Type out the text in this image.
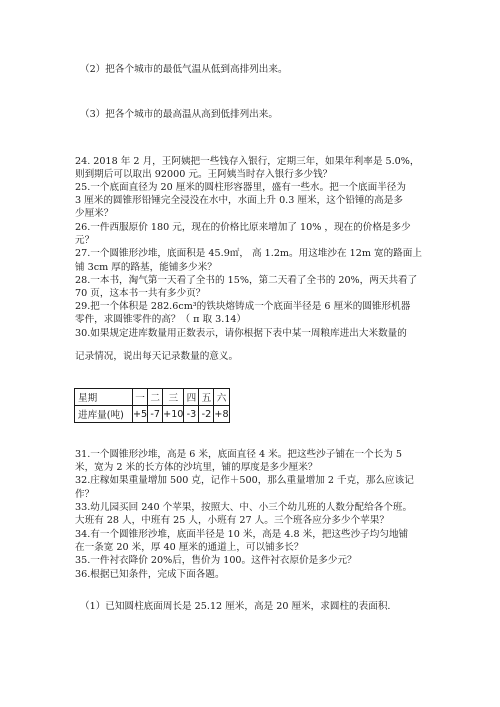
（2）把各个城市的最低气温从低到高排列出来。
（3）把各个城市的最高温从高到低排列出来。
24. 2018 年 2 月，王阿姨把一些钱存入银行，定期三年，如果年利率是 5.0%，
则到期后可以取出 92000 元。王阿姨当时存入银行多少钱？
25.一个底面直径为 20 厘米的圆柱形容器里，盛有一些水。把一个底面半径为
3 厘米的圆锥形铅锤完全浸没在水中，水面上升 0.3 厘米，这个铅锤的高是多
少厘米？
26.一件西服原价 180 元，现在的价格比原来增加了 10% ，现在的价格是多少
元？
27.一个圆锥形沙堆，底面积是 45.9㎡， 高 1.2m。用这堆沙在 12m 宽的路面上
铺 3cm 厚的路基，能铺多少米？
28.一本书，淘气第一天看了全书的 15%，第二天看了全书的 20%，两天共看了
70 页，这本书一共有多少页？
29.把一个体积是 282.6cm³的铁块熔铸成一个底面半径是 6 厘米的圆锥形机器
零件，求圆锥零件的高？（ π 取 3.14）
30.如果规定进库数量用正数表示，请你根据下表中某一周粮库进出大米数量的
记录情况，说出每天记录数量的意义。
星期	一	二	三	四	五	六
进库量(吨)	+5	-7	+10	-3	-2	+8
31.一个圆锥形沙堆，高是 6 米，底面直径 4 米。把这些沙子铺在一个长为 5
米，宽为 2 米的长方体的沙坑里，铺的厚度是多少厘米？
32.庄稼如果重量增加 500 克，记作＋500，那么重量增加 2 千克，那么应该记
作？
33.幼儿园买回 240 个苹果，按照大、中、小三个幼儿班的人数分配给各个班。
大班有 28 人，中班有 25 人，小班有 27 人。三个班各应分多少个苹果？
34.有一个圆锥形沙堆，底面半径是 10 米，高是 4.8 米，把这些沙子均匀地铺
在一条宽 20 米，厚 40 厘米的通道上，可以铺多长？
35.一件衬衣降价 20%后，售价为 100。这件衬衣原价是多少元？
36.根据已知条件，完成下面各题。
（1）已知圆柱底面周长是 25.12 厘米，高是 20 厘米，求圆柱的表面积.
